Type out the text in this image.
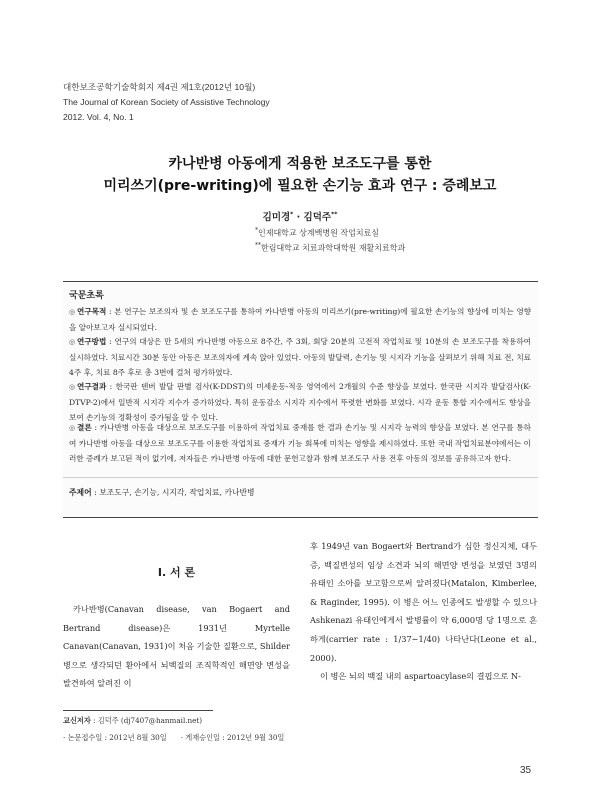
대한보조공학기술학회지 제4권 제1호(2012년 10월)
The Journal of Korean Society of Assistive Technology
2012. Vol. 4, No. 1
카나반병 아동에게 적용한 보조도구를 통한
미리쓰기(pre-writing)에 필요한 손기능 효과 연구 : 증례보고
김미경* · 김덕주**
*인제대학교 상계백병원 작업치료실
**한림대학교 치료과학대학원 재활치료학과
국문초록
◎ 연구목적 : 본 연구는 보조의자 및 손 보조도구를 통하여 카나반병 아동의 미리쓰기(pre-writing)에 필요한 손기능의 향상에 미치는 영향을 알아보고자 실시되었다.
◎ 연구방법 : 연구의 대상은 만 5세의 카나반병 아동으로 8주간, 주 3회, 회당 20분의 고전적 작업치료 및 10분의 손 보조도구를 착용하여 실시하였다. 치료시간 30분 동안 아동은 보조의자에 계속 앉아 있었다. 아동의 발달력, 손기능 및 시지각 기능을 살펴보기 위해 치료 전, 치료 4주 후, 치료 8주 후로 총 3번에 걸쳐 평가하였다.
◎ 연구결과 : 한국판 덴버 발달 판별 검사(K-DDST)의 미세운동-적응 영역에서 2개월의 수준 향상을 보였다. 한국판 시지각 발달검사(K-DTVP-2)에서 일반적 시지각 지수가 증가하였다. 특히 운동감소 시지각 지수에서 뚜렷한 변화를 보였다. 시각 운동 통합 지수에서도 향상을 보여 손기능의 정확성이 증가됨을 알 수 있다.
◎ 결론 : 카나반병 아동을 대상으로 보조도구를 이용하여 작업치료 중재를 한 결과 손기능 및 시지각 능력의 향상을 보였다. 본 연구를 통하여 카나반병 아동을 대상으로 보조도구를 이용한 작업치료 중재가 기능 회복에 미치는 영향을 제시하였다. 또한 국내 작업치료분야에서는 이러한 증례가 보고된 적이 없기에, 저자들은 카나반병 아동에 대한 문헌고찰과 함께 보조도구 사용 전후 아동의 정보를 공유하고자 한다.
주제어 : 보조도구, 손기능, 시지각, 작업치료, 카나반병
I. 서 론
카나반병(Canavan disease, van Bogaert and Bertrand disease)은 1931년 Myrtelle Canavan(Canavan, 1931)이 처음 기술한 질환으로, Shilder병으로 생각되던 환아에서 뇌백질의 조직학적인 해면양 변성을 발견하여 알려진 이
후 1949년 van Bogaert와 Bertrand가 심한 정신지체, 대두증, 백질변성의 임상 소견과 뇌의 해면양 변성을 보였던 3명의 유태인 소아를 보고함으로써 알려졌다(Matalon, Kimberlee, & Raginder, 1995). 이 병은 어느 인종에도 발생할 수 있으나 Ashkenazi 유태인에게서 발병률이 약 6,000명 당 1명으로 흔하게(carrier rate : 1/37∼1/40) 나타난다(Leone et al., 2000).
이 병은 뇌의 백질 내의 aspartoacylase의 결핍으로 N-
교신저자 : 김덕주 (dj7407@hanmail.net)
· 논문접수일 : 2012년 8월 30일 · 게재승인일 : 2012년 9월 30일
35
